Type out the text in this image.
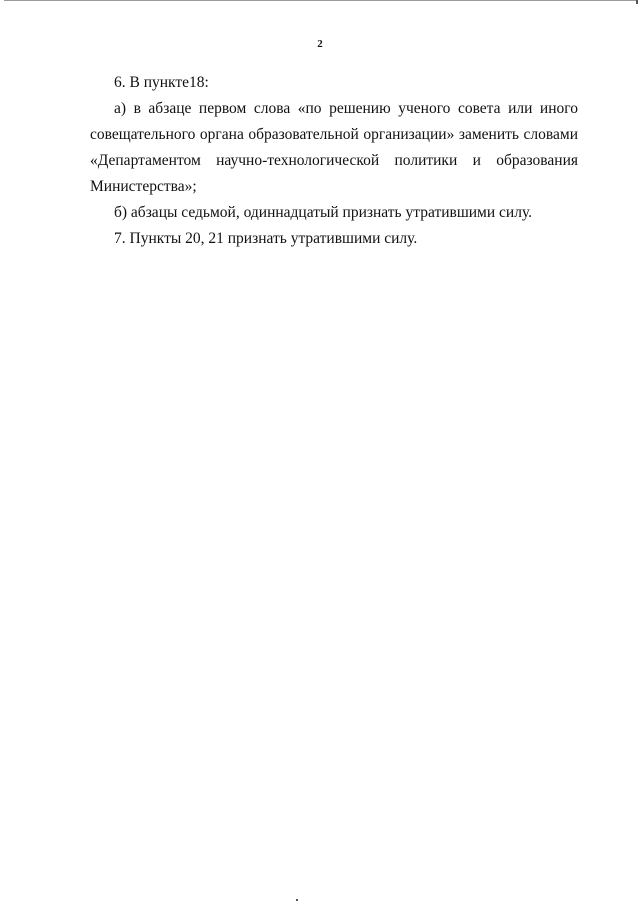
2

6. В пункте18:

а) в абзаце первом слова «по решению ученого совета или иного совещательного органа образовательной организации» заменить словами «Департаментом научно-технологической политики и образования Министерства»;

б) абзацы седьмой, одиннадцатый признать утратившими силу.

7. Пункты 20, 21 признать утратившими силу.
